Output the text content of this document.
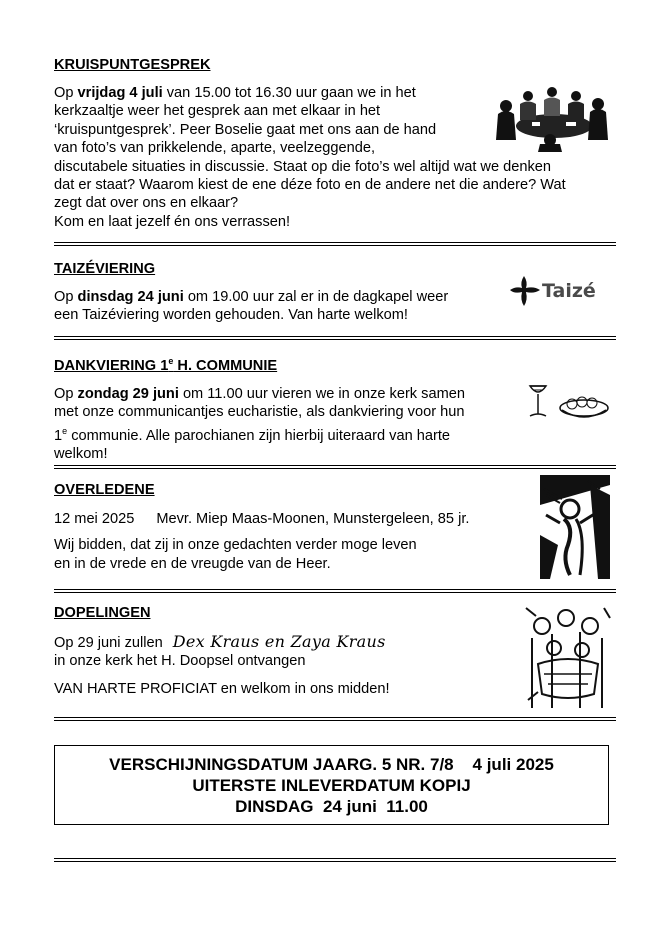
KRUISPUNTGESPREK

Op vrijdag 4 juli van 15.00 tot 16.30 uur gaan we in het

kerkzaaltje weer het gesprek aan met elkaar in het

‘kruispuntgesprek’. Peer Boselie gaat met ons aan de hand

van foto’s van prikkelende, aparte, veelzeggende,

discutabele situaties in discussie. Staat op die foto’s wel altijd wat we denken

dat er staat? Waarom kiest de ene déze foto en de andere net die andere? Wat

zegt dat over ons en elkaar?

Kom en laat jezelf én ons verrassen!

TAIZÉVIERING

Op dinsdag 24 juni om 19.00 uur zal er in de dagkapel weer

een Taizéviering worden gehouden. Van harte welkom!

Taizé

DANKVIERING 1e H. COMMUNIE

Op zondag 29 juni om 11.00 uur vieren we in onze kerk samen

met onze communicantjes eucharistie, als dankviering voor hun

1e communie. Alle parochianen zijn hierbij uiteraard van harte

welkom!

OVERLEDENE

12 mei 2025 Mevr. Miep Maas-Moonen, Munstergeleen, 85 jr.

Wij bidden, dat zij in onze gedachten verder moge leven

en in de vrede en de vreugde van de Heer.

DOPELINGEN

Op 29 juni zullen Dex Kraus en Zaya Kraus

in onze kerk het H. Doopsel ontvangen

VAN HARTE PROFICIAT en welkom in ons midden!

VERSCHIJNINGSDATUM JAARG. 5 NR. 7/8    4 juli 2025
UITERSTE INLEVERDATUM KOPIJ
DINSDAG  24 juni  11.00
